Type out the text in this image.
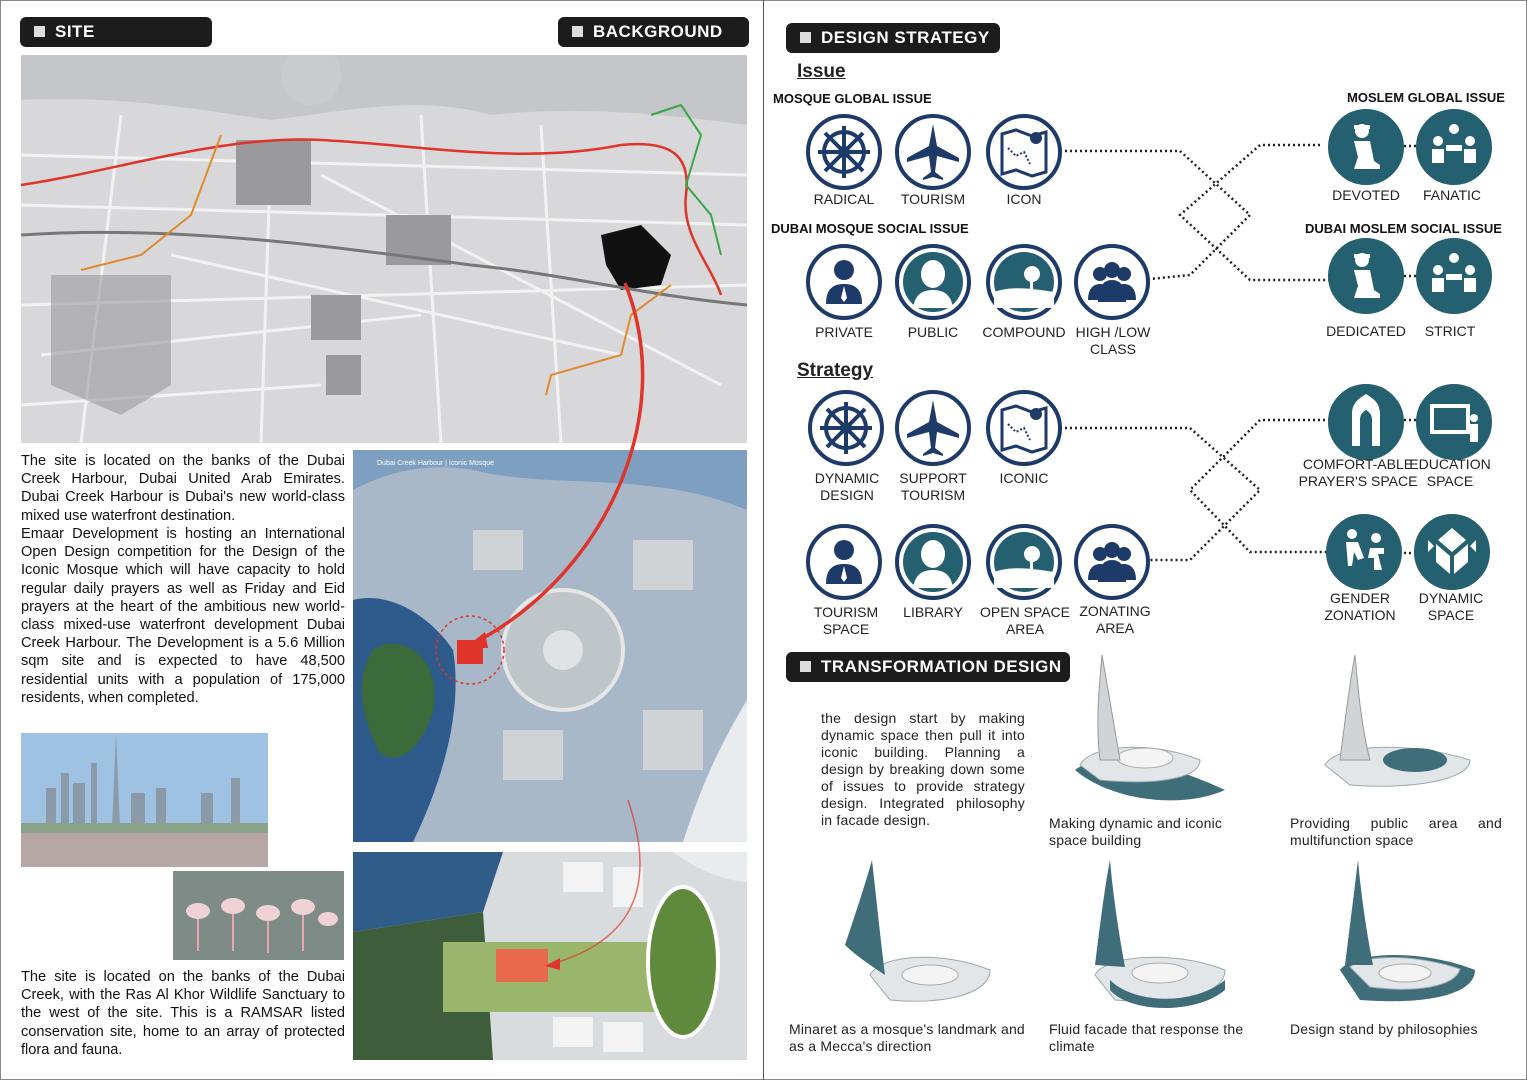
SITE	BACKGROUND
The site is located on the banks of the Dubai Creek Harbour, Dubai United Arab Emirates. Dubai Creek Harbour is Dubai's new world-class mixed use waterfront destination.
Emaar Development is hosting an International Open Design competition for the Design of the Iconic Mosque which will have capacity to hold regular daily prayers as well as Friday and Eid prayers at the heart of the ambitious new world-class mixed-use waterfront development Dubai Creek Harbour. The Development is a 5.6 Million sqm site and is expected to have 48,500 residential units with a population of 175,000 residents, when completed.
The site is located on the banks of the Dubai Creek, with the Ras Al Khor Wildlife Sanctuary to the west of the site. This is a RAMSAR listed conservation site, home to an array of protected flora and fauna.
Dubai Creek Harbour | Iconic Mosque
DESIGN STRATEGY
TRANSFORMATION DESIGN
Issue
Strategy
MOSQUE GLOBAL ISSUE	MOSLEM GLOBAL ISSUE
DUBAI MOSQUE SOCIAL ISSUE	DUBAI MOSLEM SOCIAL ISSUE
RADICAL	TOURISM	ICON	DEVOTED	FANATIC
PRIVATE	PUBLIC	COMPOUND HIGH /LOW CLASS
DEDICATED	STRICT
DYNAMIC DESIGN
SUPPORT TOURISM
ICONIC
COMFORT-ABLE PRAYER'S SPACE
EDUCATION SPACE
TOURISM SPACE
LIBRARY	OPEN SPACE AREA
ZONATING AREA
GENDER ZONATION
DYNAMIC SPACE
the design start by making dynamic space then pull it into iconic building. Planning a design by breaking down some of issues to provide strategy design. Integrated philosophy in facade design.	Making dynamic and iconic space building
Providing public area and multifunction space
Minaret as a mosque's landmark and as a Mecca's direction
Fluid facade that response the climate
Design stand by philosophies
